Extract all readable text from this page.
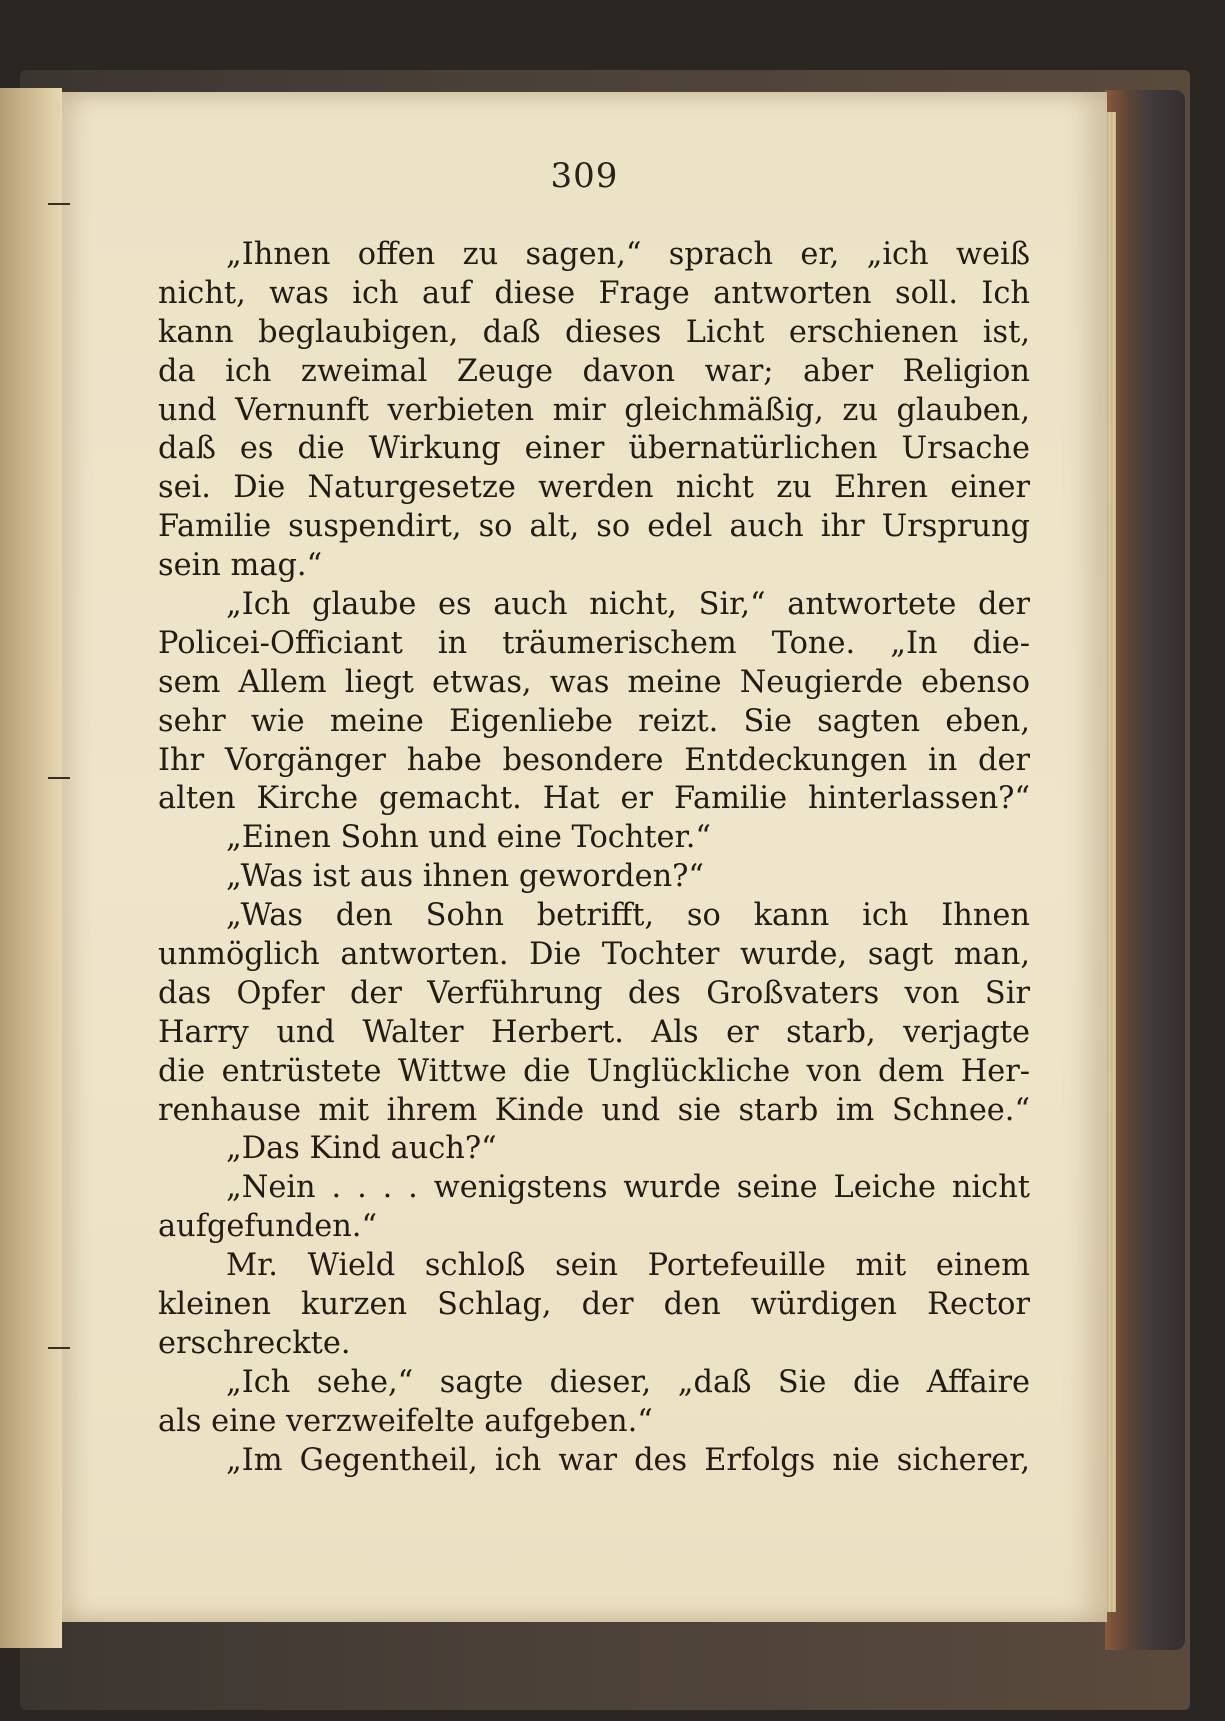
309
„Ihnen offen zu sagen,“ sprach er, „ich weiß
nicht, was ich auf diese Frage antworten soll. Ich
kann beglaubigen, daß dieses Licht erschienen ist,
da ich zweimal Zeuge davon war; aber Religion
und Vernunft verbieten mir gleichmäßig, zu glauben,
daß es die Wirkung einer übernatürlichen Ursache
sei. Die Naturgesetze werden nicht zu Ehren einer
Familie suspendirt, so alt, so edel auch ihr Ursprung
sein mag.“
„Ich glaube es auch nicht, Sir,“ antwortete der
Policei-Officiant in träumerischem Tone. „In die-
sem Allem liegt etwas, was meine Neugierde ebenso
sehr wie meine Eigenliebe reizt. Sie sagten eben,
Ihr Vorgänger habe besondere Entdeckungen in der
alten Kirche gemacht. Hat er Familie hinterlassen?“
„Einen Sohn und eine Tochter.“
„Was ist aus ihnen geworden?“
„Was den Sohn betrifft, so kann ich Ihnen
unmöglich antworten. Die Tochter wurde, sagt man,
das Opfer der Verführung des Großvaters von Sir
Harry und Walter Herbert. Als er starb, verjagte
die entrüstete Wittwe die Unglückliche von dem Her-
renhause mit ihrem Kinde und sie starb im Schnee.“
„Das Kind auch?“
„Nein . . . . wenigstens wurde seine Leiche nicht
aufgefunden.“
Mr. Wield schloß sein Portefeuille mit einem
kleinen kurzen Schlag, der den würdigen Rector
erschreckte.
„Ich sehe,“ sagte dieser, „daß Sie die Affaire
als eine verzweifelte aufgeben.“
„Im Gegentheil, ich war des Erfolgs nie sicherer,
